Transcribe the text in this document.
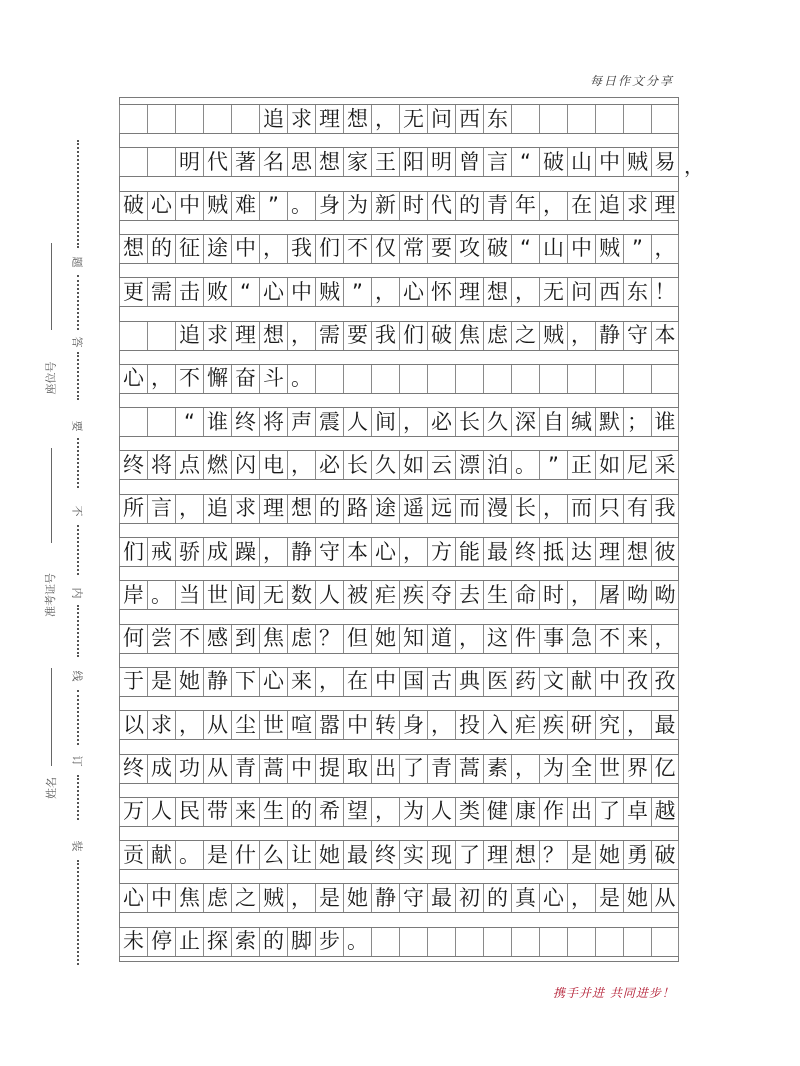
每日作文分享
题
答
要
不
内
线
订
装
座位号
准考证号
姓名
追 求 理 想 ， 无 问 西 东
明 代 著 名 思 想 家 王 阳 明 曾 言 “ 破 山 中 贼 易
破 心 中 贼 难 ” 。 身 为 新 时 代 的 青 年 ， 在 追 求 理
想 的 征 途 中 ， 我 们 不 仅 常 要 攻 破 “ 山 中 贼 ” ，
更 需 击 败 “ 心 中 贼 ” ， 心 怀 理 想 ， 无 问 西 东 ！
追 求 理 想 ， 需 要 我 们 破 焦 虑 之 贼 ， 静 守 本
心 ， 不 懈 奋 斗 。
“ 谁 终 将 声 震 人 间 ， 必 长 久 深 自 缄 默 ； 谁
终 将 点 燃 闪 电 ， 必 长 久 如 云 漂 泊 。 ” 正 如 尼 采
所 言 ， 追 求 理 想 的 路 途 遥 远 而 漫 长 ， 而 只 有 我
们 戒 骄 成 躁 ， 静 守 本 心 ， 方 能 最 终 抵 达 理 想 彼
岸 。 当 世 间 无 数 人 被 疟 疾 夺 去 生 命 时 ， 屠 呦 呦
何 尝 不 感 到 焦 虑 ？ 但 她 知 道 ， 这 件 事 急 不 来 ，
于 是 她 静 下 心 来 ， 在 中 国 古 典 医 药 文 献 中 孜 孜
以 求 ， 从 尘 世 喧 嚣 中 转 身 ， 投 入 疟 疾 研 究 ， 最
终 成 功 从 青 蒿 中 提 取 出 了 青 蒿 素 ， 为 全 世 界 亿
万 人 民 带 来 生 的 希 望 ， 为 人 类 健 康 作 出 了 卓 越
贡 献 。 是 什 么 让 她 最 终 实 现 了 理 想 ？ 是 她 勇 破
心 中 焦 虑 之 贼 ， 是 她 静 守 最 初 的 真 心 ， 是 她 从
未 停 止 探 索 的 脚 步 。
，
携手并进 共同进步！
